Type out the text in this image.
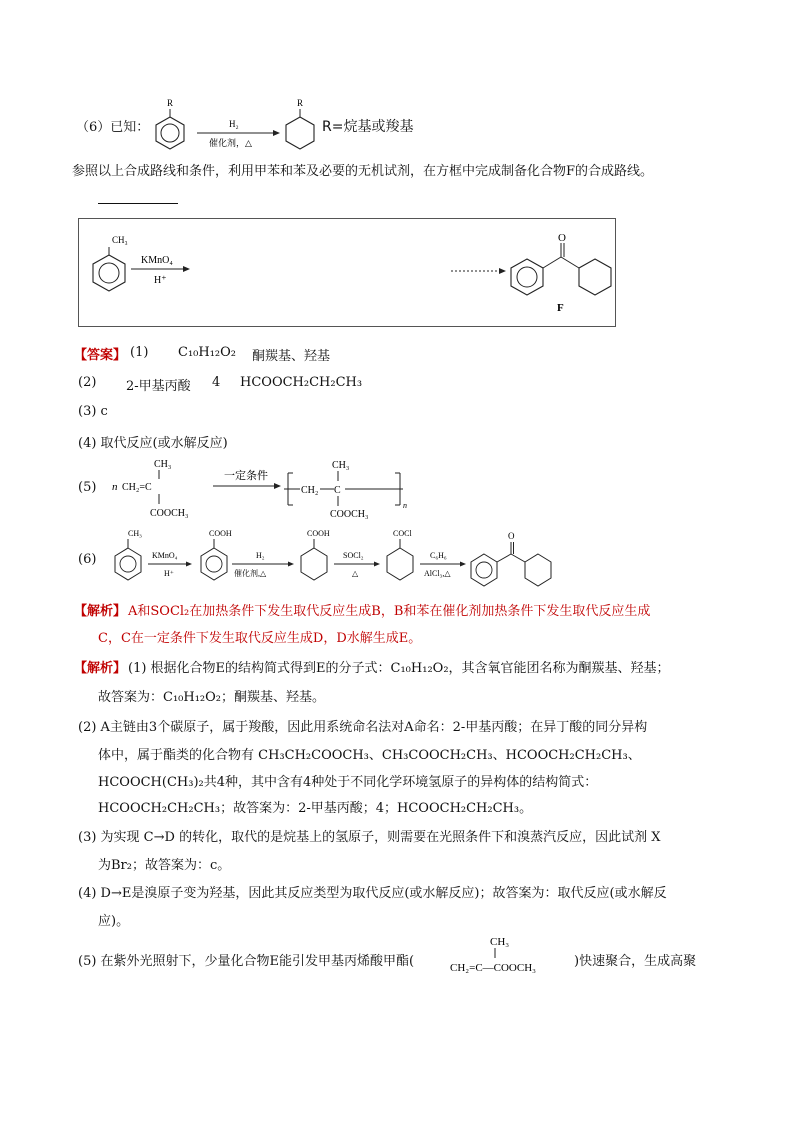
（6）已知：
R
H₂
催化剂，△
R
R=烷基或羧基
参照以上合成路线和条件，利用甲苯和苯及必要的无机试剂，在方框中完成制备化合物F的合成路线。
CH₃
KMnO₄
H⁺
O
F
【答案】 (1) C₁₀H₁₂O₂ 酮羰基、羟基
(2) 2-甲基丙酸 4 HCOOCH₂CH₂CH₃
(3) c
(4) 取代反应(或水解反应)
(5) n
CH₃
CH₂=C
COOCH₃
一定条件
CH₂ C
CH₃
COOCH₃
n
(6)
CH₃
KMnO₄
H⁺
COOH
H₂
催化剂,△
COOH
SOCl₂
△
COCl
C₆H₆
AlCl₃,△
O
【解析】 A和SOCl₂在加热条件下发生取代反应生成B，B和苯在催化剂加热条件下发生取代反应生成
C，C在一定条件下发生取代反应生成D，D水解生成E。
【解析】 (1) 根据化合物E的结构简式得到E的分子式：C₁₀H₁₂O₂，其含氧官能团名称为酮羰基、羟基；
故答案为：C₁₀H₁₂O₂；酮羰基、羟基。
(2) A主链由3个碳原子，属于羧酸，因此用系统命名法对A命名：2-甲基丙酸；在异丁酸的同分异构
体中，属于酯类的化合物有 CH₃CH₂COOCH₃、CH₃COOCH₂CH₃、HCOOCH₂CH₂CH₃、
HCOOCH(CH₃)₂共4种，其中含有4种处于不同化学环境氢原子的异构体的结构简式：
HCOOCH₂CH₂CH₃；故答案为：2-甲基丙酸；4；HCOOCH₂CH₂CH₃。
(3) 为实现 C→D 的转化，取代的是烷基上的氢原子，则需要在光照条件下和溴蒸汽反应，因此试剂 X
为Br₂；故答案为：c。
(4) D→E是溴原子变为羟基，因此其反应类型为取代反应(或水解反应)；故答案为：取代反应(或水解反
应)。
(5) 在紫外光照射下，少量化合物E能引发甲基丙烯酸甲酯(
CH₃
CH₂=C—COOCH₃	)快速聚合，生成高聚
